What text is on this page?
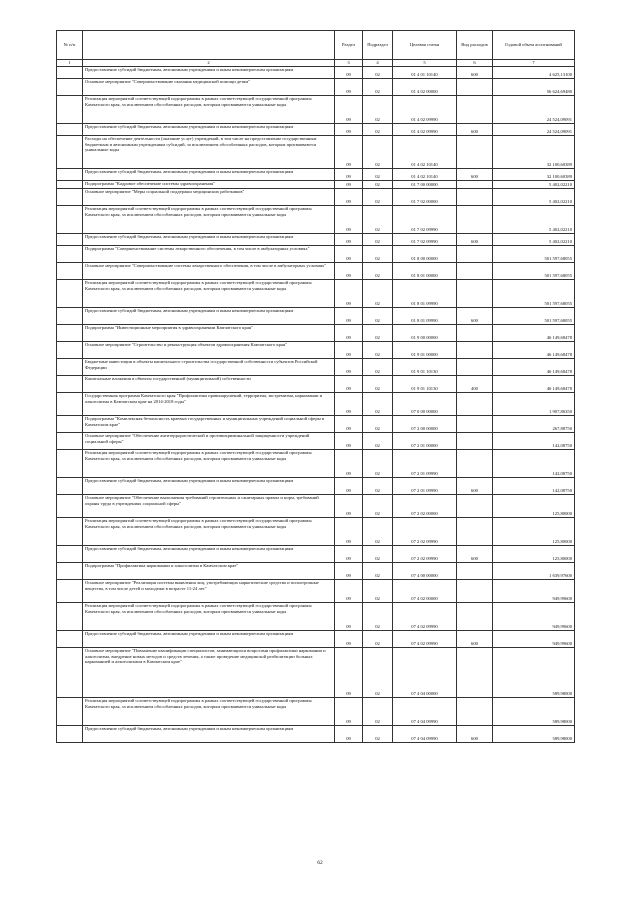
№ п/п		Раздел	Подраздел	Целевая статья	Вид расходов	Годовой объем ассигнований
1	2	3	4	5	6	7
	Предоставление субсидий бюджетным, автономным учреждениям и иным некоммерческим организациям	09	02	01 4 01 10140	600	4 625,13100
	Основное мероприятие "Совершенствование оказания медицинской помощи детям"	09	02	01 4 02 00000		56 624,69480
	Реализация мероприятий соответствующей подпрограммы в рамках соответствующей государственной программы Камчатского края, за исключением обособленных расходов, которым присваиваются уникальные коды	09	02	01 4 02 09990		24 524,09091
	Предоставление субсидий бюджетным, автономным учреждениям и иным некоммерческим организациям	09	02	01 4 02 09990	600	24 524,09091
	Расходы на обеспечение деятельности (оказание услуг) учреждений, в том числе на предоставление государственным бюджетным и автономным учреждениям субсидий, за исключением обособленных расходов, которым присваиваются уникальные коды	09	02	01 4 02 10140		32 100,60389
	Предоставление субсидий бюджетным, автономным учреждениям и иным некоммерческим организациям	09	02	01 4 02 10140	600	32 100,60389
	Подпрограмма "Кадровое обеспечение системы здравоохранения"	09	02	01 7 00 00000		5 402,02210
	Основное мероприятие "Меры социальной поддержки медицинских работников"	09	02	01 7 02 00000		5 402,02210
	Реализация мероприятий соответствующей подпрограммы в рамках соответствующей государственной программы Камчатского края, за исключением обособленных расходов, которым присваиваются уникальные коды	09	02	01 7 02 09990		5 402,02210
	Предоставление субсидий бюджетным, автономным учреждениям и иным некоммерческим организациям	09	02	01 7 02 09990	600	5 402,02210
	Подпрограмма "Совершенствование системы лекарственного обеспечения, в том числе в амбулаторных условиях"	09	02	01 8 00 00000		501 597,68055
	Основное мероприятие "Совершенствование системы лекарственного обеспечения, в том числе в амбулаторных условиях"	09	02	01 8 01 00000		501 597,68055
	Реализация мероприятий соответствующей подпрограммы в рамках соответствующей государственной программы Камчатского края, за исключением обособленных расходов, которым присваиваются уникальные коды	09	02	01 8 01 09990		501 597,68055
	Предоставление субсидий бюджетным, автономным учреждениям и иным некоммерческим организациям	09	02	01 8 01 09990	600	501 597,68055
	Подпрограмма "Инвестиционные мероприятия в здравоохранении Камчатского края"	09	02	01 9 00 00000		46 149,68478
	Основное мероприятие "Строительство и реконструкция объектов здравоохранения Камчатского края"	09	02	01 9 01 00000		46 149,68478
	Бюджетные инвестиции в объекты капитального строительства государственной собственности субъектов Российской Федерации	09	02	01 9 01 10130		46 149,68478
	Капитальные вложения в объекты государственной (муниципальной) собственности	09	02	01 9 01 10130	400	46 149,68478
	Государственная программа Камчатского края "Профилактика правонарушений, терроризма, экстремизма, наркомании и алкоголизма в Камчатском крае на 2014-2018 годы"	09	02	07 0 00 00000		1 907,86350
	Подпрограмма "Комплексная безопасность краевых государственных и муниципальных учреждений социальной сферы в Камчатском крае"	09	02	07 2 00 00000		267,88750
	Основное мероприятие "Обеспечение антитеррористической и противокриминальной защищенности учреждений социальной сферы"	09	02	07 2 01 00000		142,08750
	Реализация мероприятий соответствующей подпрограммы в рамках соответствующей государственной программы Камчатского края, за исключением обособленных расходов, которым присваиваются уникальные коды	09	02	07 2 01 09990		142,08750
	Предоставление субсидий бюджетным, автономным учреждениям и иным некоммерческим организациям	09	02	07 2 01 09990	600	142,08750
	Основное мероприятие "Обеспечение выполнения требований строительных и санитарных правил и норм, требований охраны труда в учреждениях социальной сферы"	09	02	07 2 02 00000		125,80000
	Реализация мероприятий соответствующей подпрограммы в рамках соответствующей государственной программы Камчатского края, за исключением обособленных расходов, которым присваиваются уникальные коды	09	02	07 2 02 09990		125,80000
	Предоставление субсидий бюджетным, автономным учреждениям и иным некоммерческим организациям	09	02	07 2 02 09990	600	125,80000
	Подпрограмма "Профилактика наркомании и алкоголизма в Камчатском крае"	09	02	07 4 00 00000		1 639,97600
	Основное мероприятие "Реализация системы выявления лиц, употребляющих наркотические средства и психотропные вещества, в том числе детей и молодежи в возрасте 11-24 лет"	09	02	07 4 02 00000		949,99600
	Реализация мероприятий соответствующей подпрограммы в рамках соответствующей государственной программы Камчатского края, за исключением обособленных расходов, которым присваиваются уникальные коды	09	02	07 4 02 09990		949,99600
	Предоставление субсидий бюджетным, автономным учреждениям и иным некоммерческим организациям	09	02	07 4 02 09990	600	949,99600
	Основное мероприятие "Повышение квалификации специалистов, занимающихся вопросами профилактики наркомании и алкоголизма, внедрение новых методов и средств лечения, а также проведение медицинской реабилитации больных наркоманией и алкоголизмом в Камчатском крае"	09	02	07 4 04 00000		589,98000
	Реализация мероприятий соответствующей подпрограммы в рамках соответствующей государственной программы Камчатского края, за исключением обособленных расходов, которым присваиваются уникальные коды	09	02	07 4 04 09990		589,98000
	Предоставление субсидий бюджетным, автономным учреждениям и иным некоммерческим организациям	09	02	07 4 04 09990	600	589,98000
62
